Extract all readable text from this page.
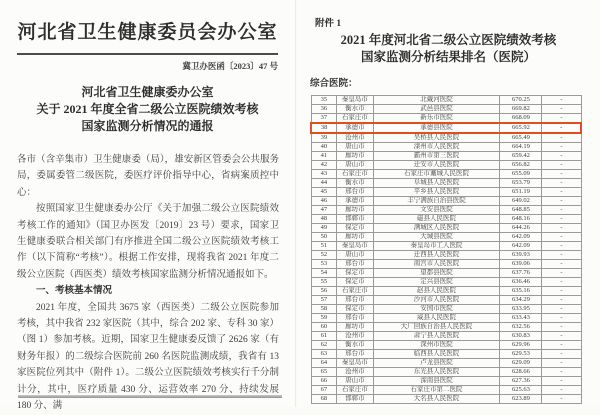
河北省卫生健康委员会办公室
冀卫办医函〔2023〕47 号
河北省卫生健康委办公室
关于 2021 年度全省二级公立医院绩效考核
国家监测分析情况的通报

各市（含辛集市）卫生健康委（局），雄安新区管委会公共服务局，委属委管二级医院，委医疗评价指导中心，省病案质控中心：

按照国家卫生健康委办公厅《关于加强二级公立医院绩效考核工作的通知》（国卫办医发〔2019〕23 号）要求，国家卫生健康委联合相关部门有序推进全国二级公立医院绩效考核工作（以下简称“考核”）。根据工作安排，现将我省 2021 年度二级公立医院（西医类）绩效考核国家监测分析情况通报如下。

一、考核基本情况

2021 年度，全国共 3675 家（西医类）二级公立医院参加考核，其中我省 232 家医院（其中，综合 202 家、专科 30 家）（图 1）参加考核。近期，国家卫生健康委反馈了 2626 家（有财务年报）的二级综合医院前 260 名医院监测成绩，我省有 13 家医院位列其中（附件 1）。二级公立医院绩效考核实行千分制计分，其中，医疗质量 430 分、运营效率 270 分、持续发展 180 分、满

附件 1
2021 年度河北省二级公立医院绩效考核
国家监测分析结果排名（医院）
综合医院：
35	秦皇岛市	北戴河医院	670.25	-
36	衡水市	武邑县医院	669.82	-
37	石家庄市	新乐市医院	668.09	-
38	承德市	承德县医院	665.92	-
39	沧州市	吴桥县人民医院	665.49	-
40	唐山市	滦州市人民医院	664.19	-
41	廊坊市	霸州市第三医院	659.42	-
42	唐山市	迁安市人民医院	656.82	-
43	石家庄市	石家庄市藁城人民医院	655.09	-
44	衡水市	阜城县人民医院	653.79	-
45	邢台市	平乡县人民医院	651.19	-
46	承德市	丰宁满族自治县医院	649.02	-
47	廊坊市	文安县医院	648.85	-
48	邯郸市	磁县人民医院	648.16	-
49	保定市	满城区人民医院	644.26	-
50	廊坊市	大城县医院	642.09	-
51	秦皇岛市	秦皇岛市工人医院	642.09	-
52	唐山市	迁西县人民医院	639.93	-
53	邢台市	南宫市人民医院	639.06	-
54	保定市	望都县医院	637.76	-
55	保定市	定兴县医院	636.46	-
56	石家庄市	赵县人民医院	635.16	-
57	邢台市	沙河市人民医院	634.29	-
58	保定市	安国市医院	633.95	-
59	邢台市	威县人民医院	633.43	-
60	廊坊市	大厂回族自治县人民医院	632.56	-
61	沧州市	肃宁县人民医院	630.83	-
62	衡水市	深州市医院	629.96	-
63	邢台市	临西县人民医院	629.53	-
64	秦皇岛市	卢龙县医院	629.09	-
65	沧州市	东光县人民医院	628.66	-
66	唐山市	滦南县医院	627.36	-
67	石家庄市	石家庄市第二医院	625.63	-
68	邯郸市	大名县人民医院	623.89	-
